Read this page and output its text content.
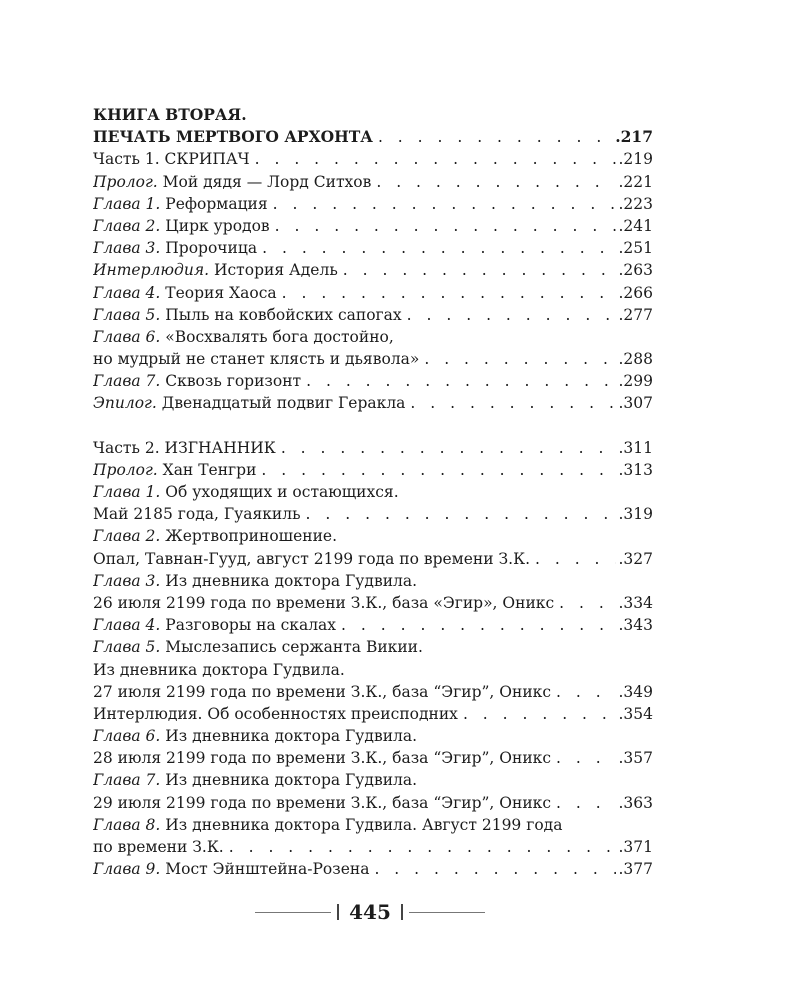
КНИГА ВТОРАЯ.
ПЕЧАТЬ МЕРТВОГО АРХОНТА . . .	.217
Часть 1. СКРИПАЧ . . .	.219
Пролог. Мой дядя — Лорд Ситхов . . .	.221
Глава 1. Реформация . . .	.223
Глава 2. Цирк уродов . . .	.241
Глава 3. Пророчица . . .	.251
Интерлюдия. История Адель . . .	.263
Глава 4. Теория Хаоса . . .	.266
Глава 5. Пыль на ковбойских сапогах . . .	.277
Глава 6. «Восхвалять бога достойно,
но мудрый не станет клясть и дьявола» . . .	.288
Глава 7. Сквозь горизонт . . .	.299
Эпилог. Двенадцатый подвиг Геракла . . .	.307
Часть 2. ИЗГНАННИК . . .	.311
Пролог. Хан Тенгри . . .	.313
Глава 1. Об уходящих и остающихся.
Май 2185 года, Гуаякиль . . .	.319
Глава 2. Жертвоприношение.
Опал, Тавнан-Гууд, август 2199 года по времени З.К. . . .	.327
Глава 3. Из дневника доктора Гудвила.
26 июля 2199 года по времени З.К., база «Эгир», Оникс . . .	.334
Глава 4. Разговоры на скалах . . .	.343
Глава 5. Мыслезапись сержанта Викии.
Из дневника доктора Гудвила.
27 июля 2199 года по времени З.К., база “Эгир”, Оникс . . .	.349
Интерлюдия. Об особенностях преисподних . . .	.354
Глава 6. Из дневника доктора Гудвила.
28 июля 2199 года по времени З.К., база “Эгир”, Оникс . . .	.357
Глава 7. Из дневника доктора Гудвила.
29 июля 2199 года по времени З.К., база “Эгир”, Оникс . . .	.363
Глава 8. Из дневника доктора Гудвила. Август 2199 года
по времени З.К. . . .	.371
Глава 9. Мост Эйнштейна-Розена . . .	.377
445
